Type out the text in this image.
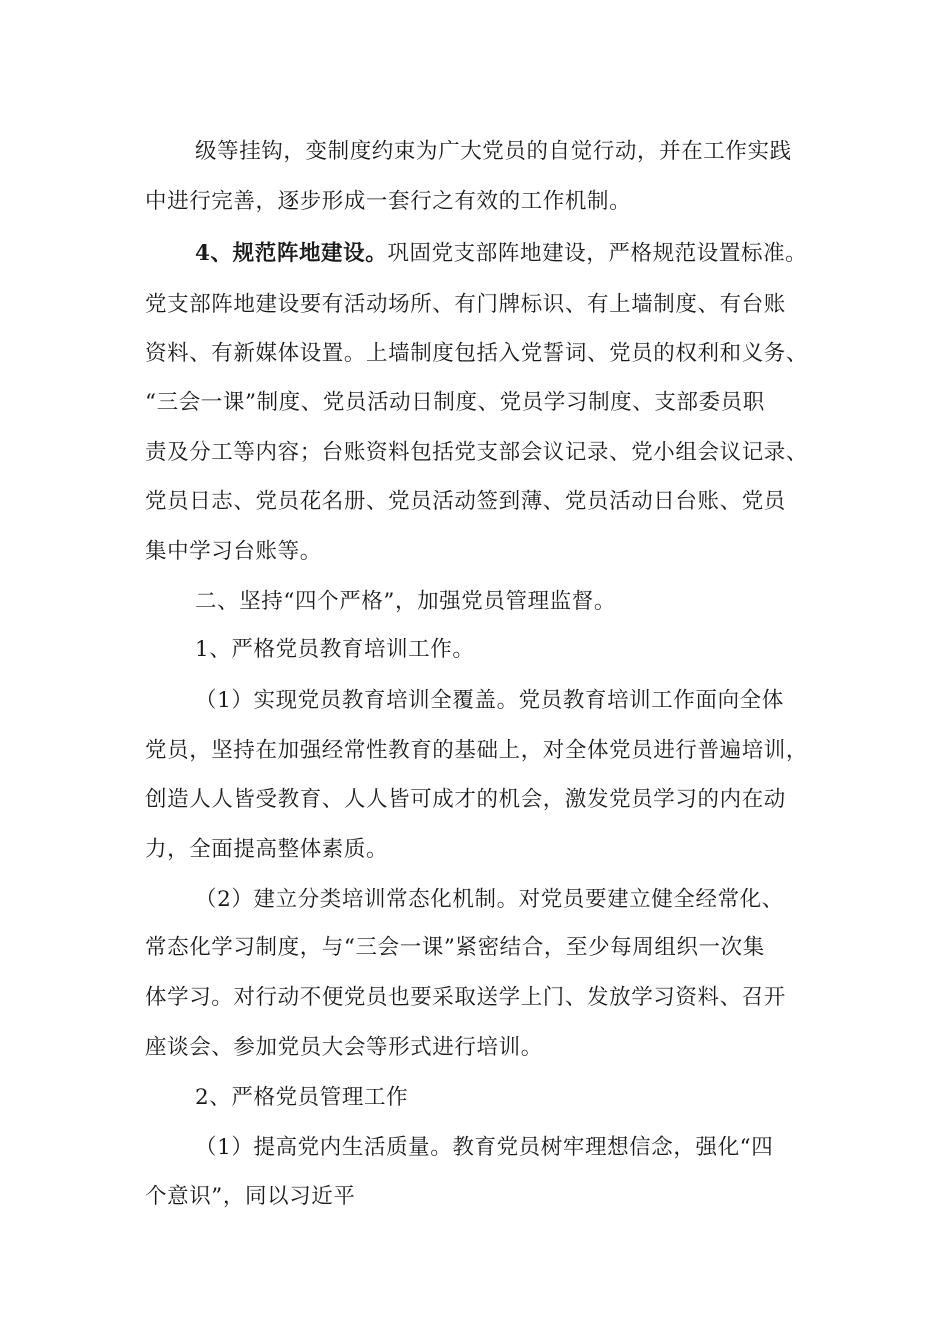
级等挂钩，变制度约束为广大党员的自觉行动，并在工作实践
中进行完善，逐步形成一套行之有效的工作机制。
4、规范阵地建设。巩固党支部阵地建设，严格规范设置标准。
党支部阵地建设要有活动场所、有门牌标识、有上墙制度、有台账
资料、有新媒体设置。上墙制度包括入党誓词、党员的权利和义务、
“三会一课”制度、党员活动日制度、党员学习制度、支部委员职
责及分工等内容；台账资料包括党支部会议记录、党小组会议记录、
党员日志、党员花名册、党员活动签到薄、党员活动日台账、党员
集中学习台账等。
二、坚持“四个严格”，加强党员管理监督。
1、严格党员教育培训工作。
（1）实现党员教育培训全覆盖。党员教育培训工作面向全体
党员，坚持在加强经常性教育的基础上，对全体党员进行普遍培训，
创造人人皆受教育、人人皆可成才的机会，激发党员学习的内在动
力，全面提高整体素质。
（2）建立分类培训常态化机制。对党员要建立健全经常化、
常态化学习制度，与“三会一课”紧密结合，至少每周组织一次集
体学习。对行动不便党员也要采取送学上门、发放学习资料、召开
座谈会、参加党员大会等形式进行培训。
2、严格党员管理工作
（1）提高党内生活质量。教育党员树牢理想信念，强化“四
个意识”，同以习近平
